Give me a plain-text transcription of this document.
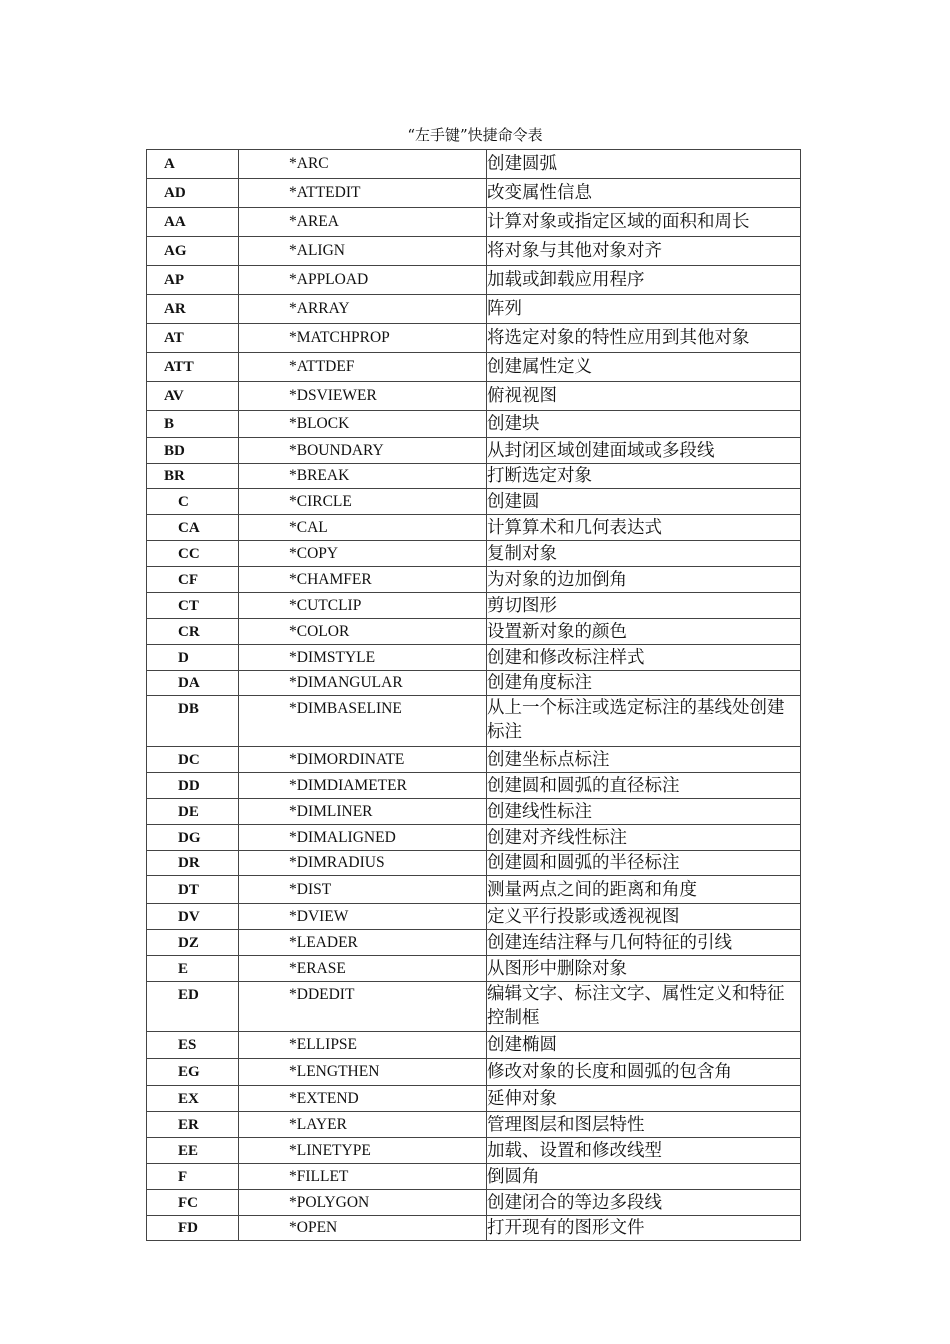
“左手键”快捷命令表
A	*ARC	创建圆弧
AD	*ATTEDIT	改变属性信息
AA	*AREA	计算对象或指定区域的面积和周长
AG	*ALIGN	将对象与其他对象对齐
AP	*APPLOAD	加载或卸载应用程序
AR	*ARRAY	阵列
AT	*MATCHPROP	将选定对象的特性应用到其他对象
ATT	*ATTDEF	创建属性定义
AV	*DSVIEWER	俯视视图
B	*BLOCK	创建块
BD	*BOUNDARY	从封闭区域创建面域或多段线
BR	*BREAK	打断选定对象
C	*CIRCLE	创建圆
CA	*CAL	计算算术和几何表达式
CC	*COPY	复制对象
CF	*CHAMFER	为对象的边加倒角
CT	*CUTCLIP	剪切图形
CR	*COLOR	设置新对象的颜色
D	*DIMSTYLE	创建和修改标注样式
DA	*DIMANGULAR	创建角度标注
DB	*DIMBASELINE	从上一个标注或选定标注的基线处创建标注
DC	*DIMORDINATE	创建坐标点标注
DD	*DIMDIAMETER	创建圆和圆弧的直径标注
DE	*DIMLINER	创建线性标注
DG	*DIMALIGNED	创建对齐线性标注
DR	*DIMRADIUS	创建圆和圆弧的半径标注
DT	*DIST	测量两点之间的距离和角度
DV	*DVIEW	定义平行投影或透视视图
DZ	*LEADER	创建连结注释与几何特征的引线
E	*ERASE	从图形中删除对象
ED	*DDEDIT	编辑文字、标注文字、属性定义和特征控制框
ES	*ELLIPSE	创建椭圆
EG	*LENGTHEN	修改对象的长度和圆弧的包含角
EX	*EXTEND	延伸对象
ER	*LAYER	管理图层和图层特性
EE	*LINETYPE	加载、设置和修改线型
F	*FILLET	倒圆角
FC	*POLYGON	创建闭合的等边多段线
FD	*OPEN	打开现有的图形文件
